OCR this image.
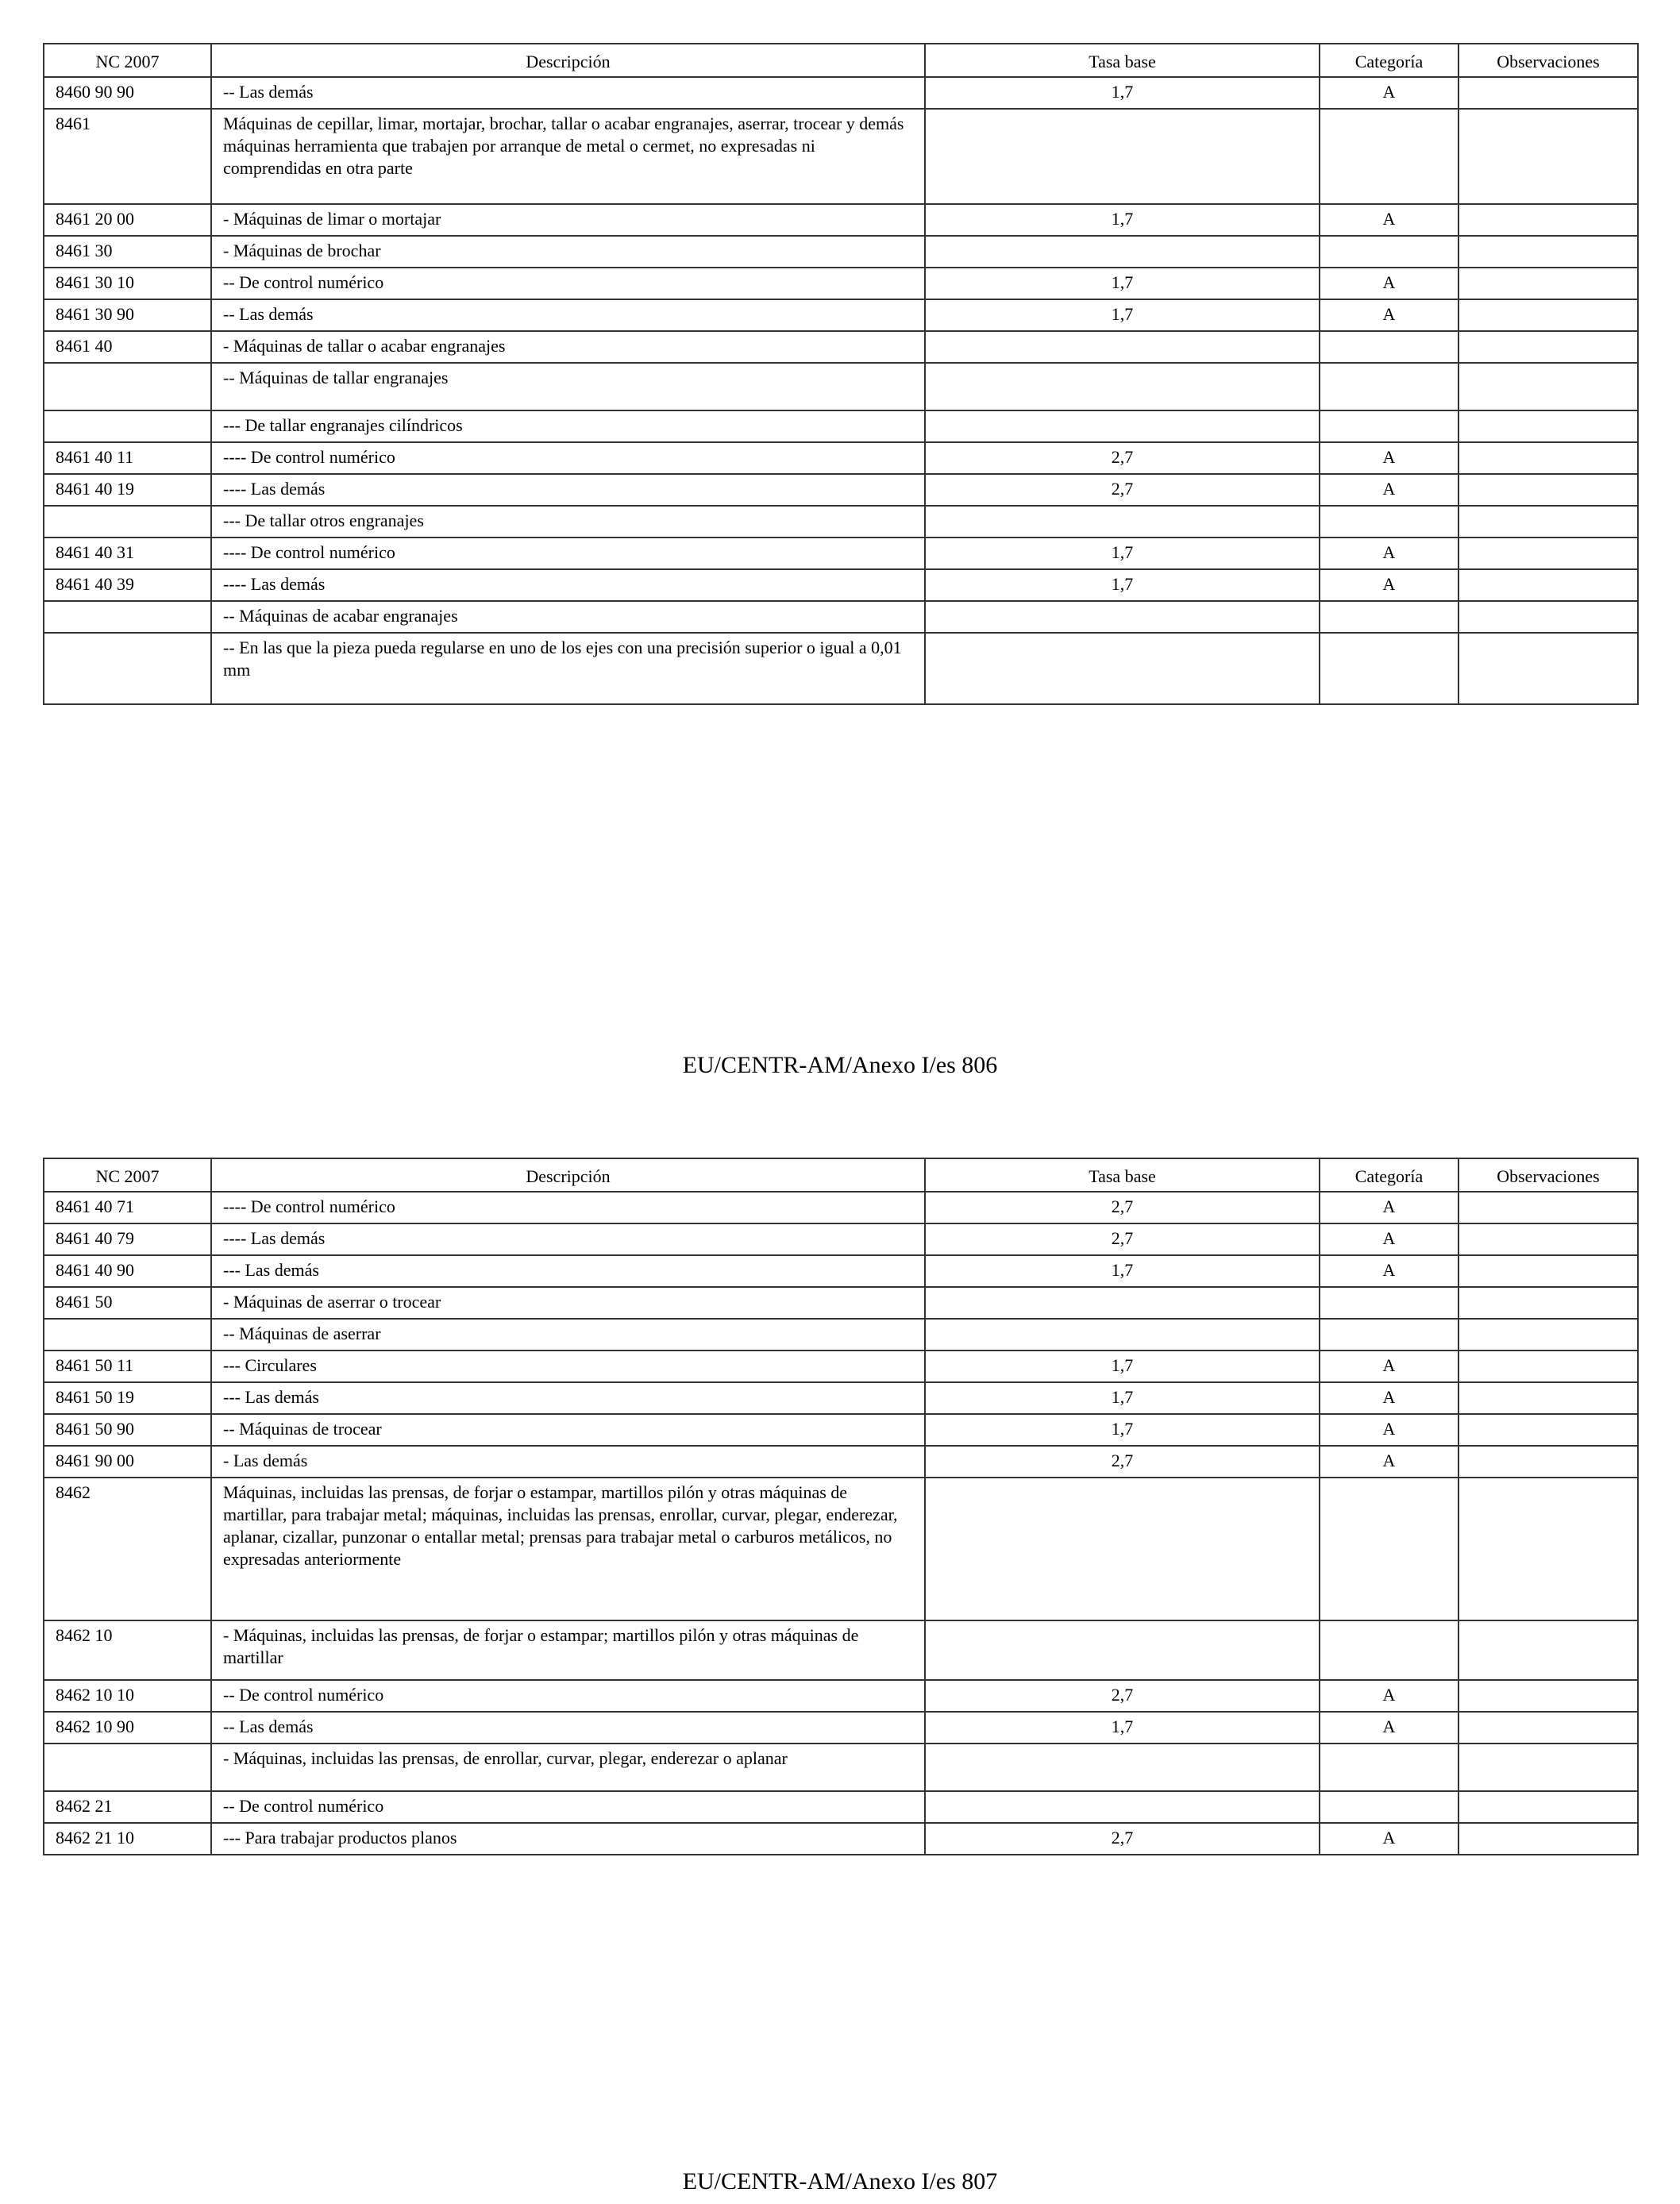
NC 2007	Descripción	Tasa base	Categoría	Observaciones
8460 90 90	-- Las demás	1,7	A	
8461	Máquinas de cepillar, limar, mortajar, brochar, tallar o acabar engranajes, aserrar, trocear y demás máquinas herramienta que trabajen por arranque de metal o cermet, no expresadas ni comprendidas en otra parte			
8461 20 00	- Máquinas de limar o mortajar	1,7	A	
8461 30	- Máquinas de brochar			
8461 30 10	-- De control numérico	1,7	A	
8461 30 90	-- Las demás	1,7	A	
8461 40	- Máquinas de tallar o acabar engranajes			
	-- Máquinas de tallar engranajes			
	--- De tallar engranajes cilíndricos			
8461 40 11	---- De control numérico	2,7	A	
8461 40 19	---- Las demás	2,7	A	
	--- De tallar otros engranajes			
8461 40 31	---- De control numérico	1,7	A	
8461 40 39	---- Las demás	1,7	A	
	-- Máquinas de acabar engranajes			
	-- En las que la pieza pueda regularse en uno de los ejes con una precisión superior o igual a 0,01 mm			
EU/CENTR-AM/Anexo I/es 806
NC 2007	Descripción	Tasa base	Categoría	Observaciones
8461 40 71	---- De control numérico	2,7	A	
8461 40 79	---- Las demás	2,7	A	
8461 40 90	--- Las demás	1,7	A	
8461 50	- Máquinas de aserrar o trocear			
	-- Máquinas de aserrar			
8461 50 11	--- Circulares	1,7	A	
8461 50 19	--- Las demás	1,7	A	
8461 50 90	-- Máquinas de trocear	1,7	A	
8461 90 00	- Las demás	2,7	A	
8462	Máquinas, incluidas las prensas, de forjar o estampar, martillos pilón y otras máquinas de martillar, para trabajar metal; máquinas, incluidas las prensas, enrollar, curvar, plegar, enderezar, aplanar, cizallar, punzonar o entallar metal; prensas para trabajar metal o carburos metálicos, no expresadas anteriormente			
8462 10	- Máquinas, incluidas las prensas, de forjar o estampar; martillos pilón y otras máquinas de martillar			
8462 10 10	-- De control numérico	2,7	A	
8462 10 90	-- Las demás	1,7	A	
	- Máquinas, incluidas las prensas, de enrollar, curvar, plegar, enderezar o aplanar			
8462 21	-- De control numérico			
8462 21 10	--- Para trabajar productos planos	2,7	A	
EU/CENTR-AM/Anexo I/es 807
